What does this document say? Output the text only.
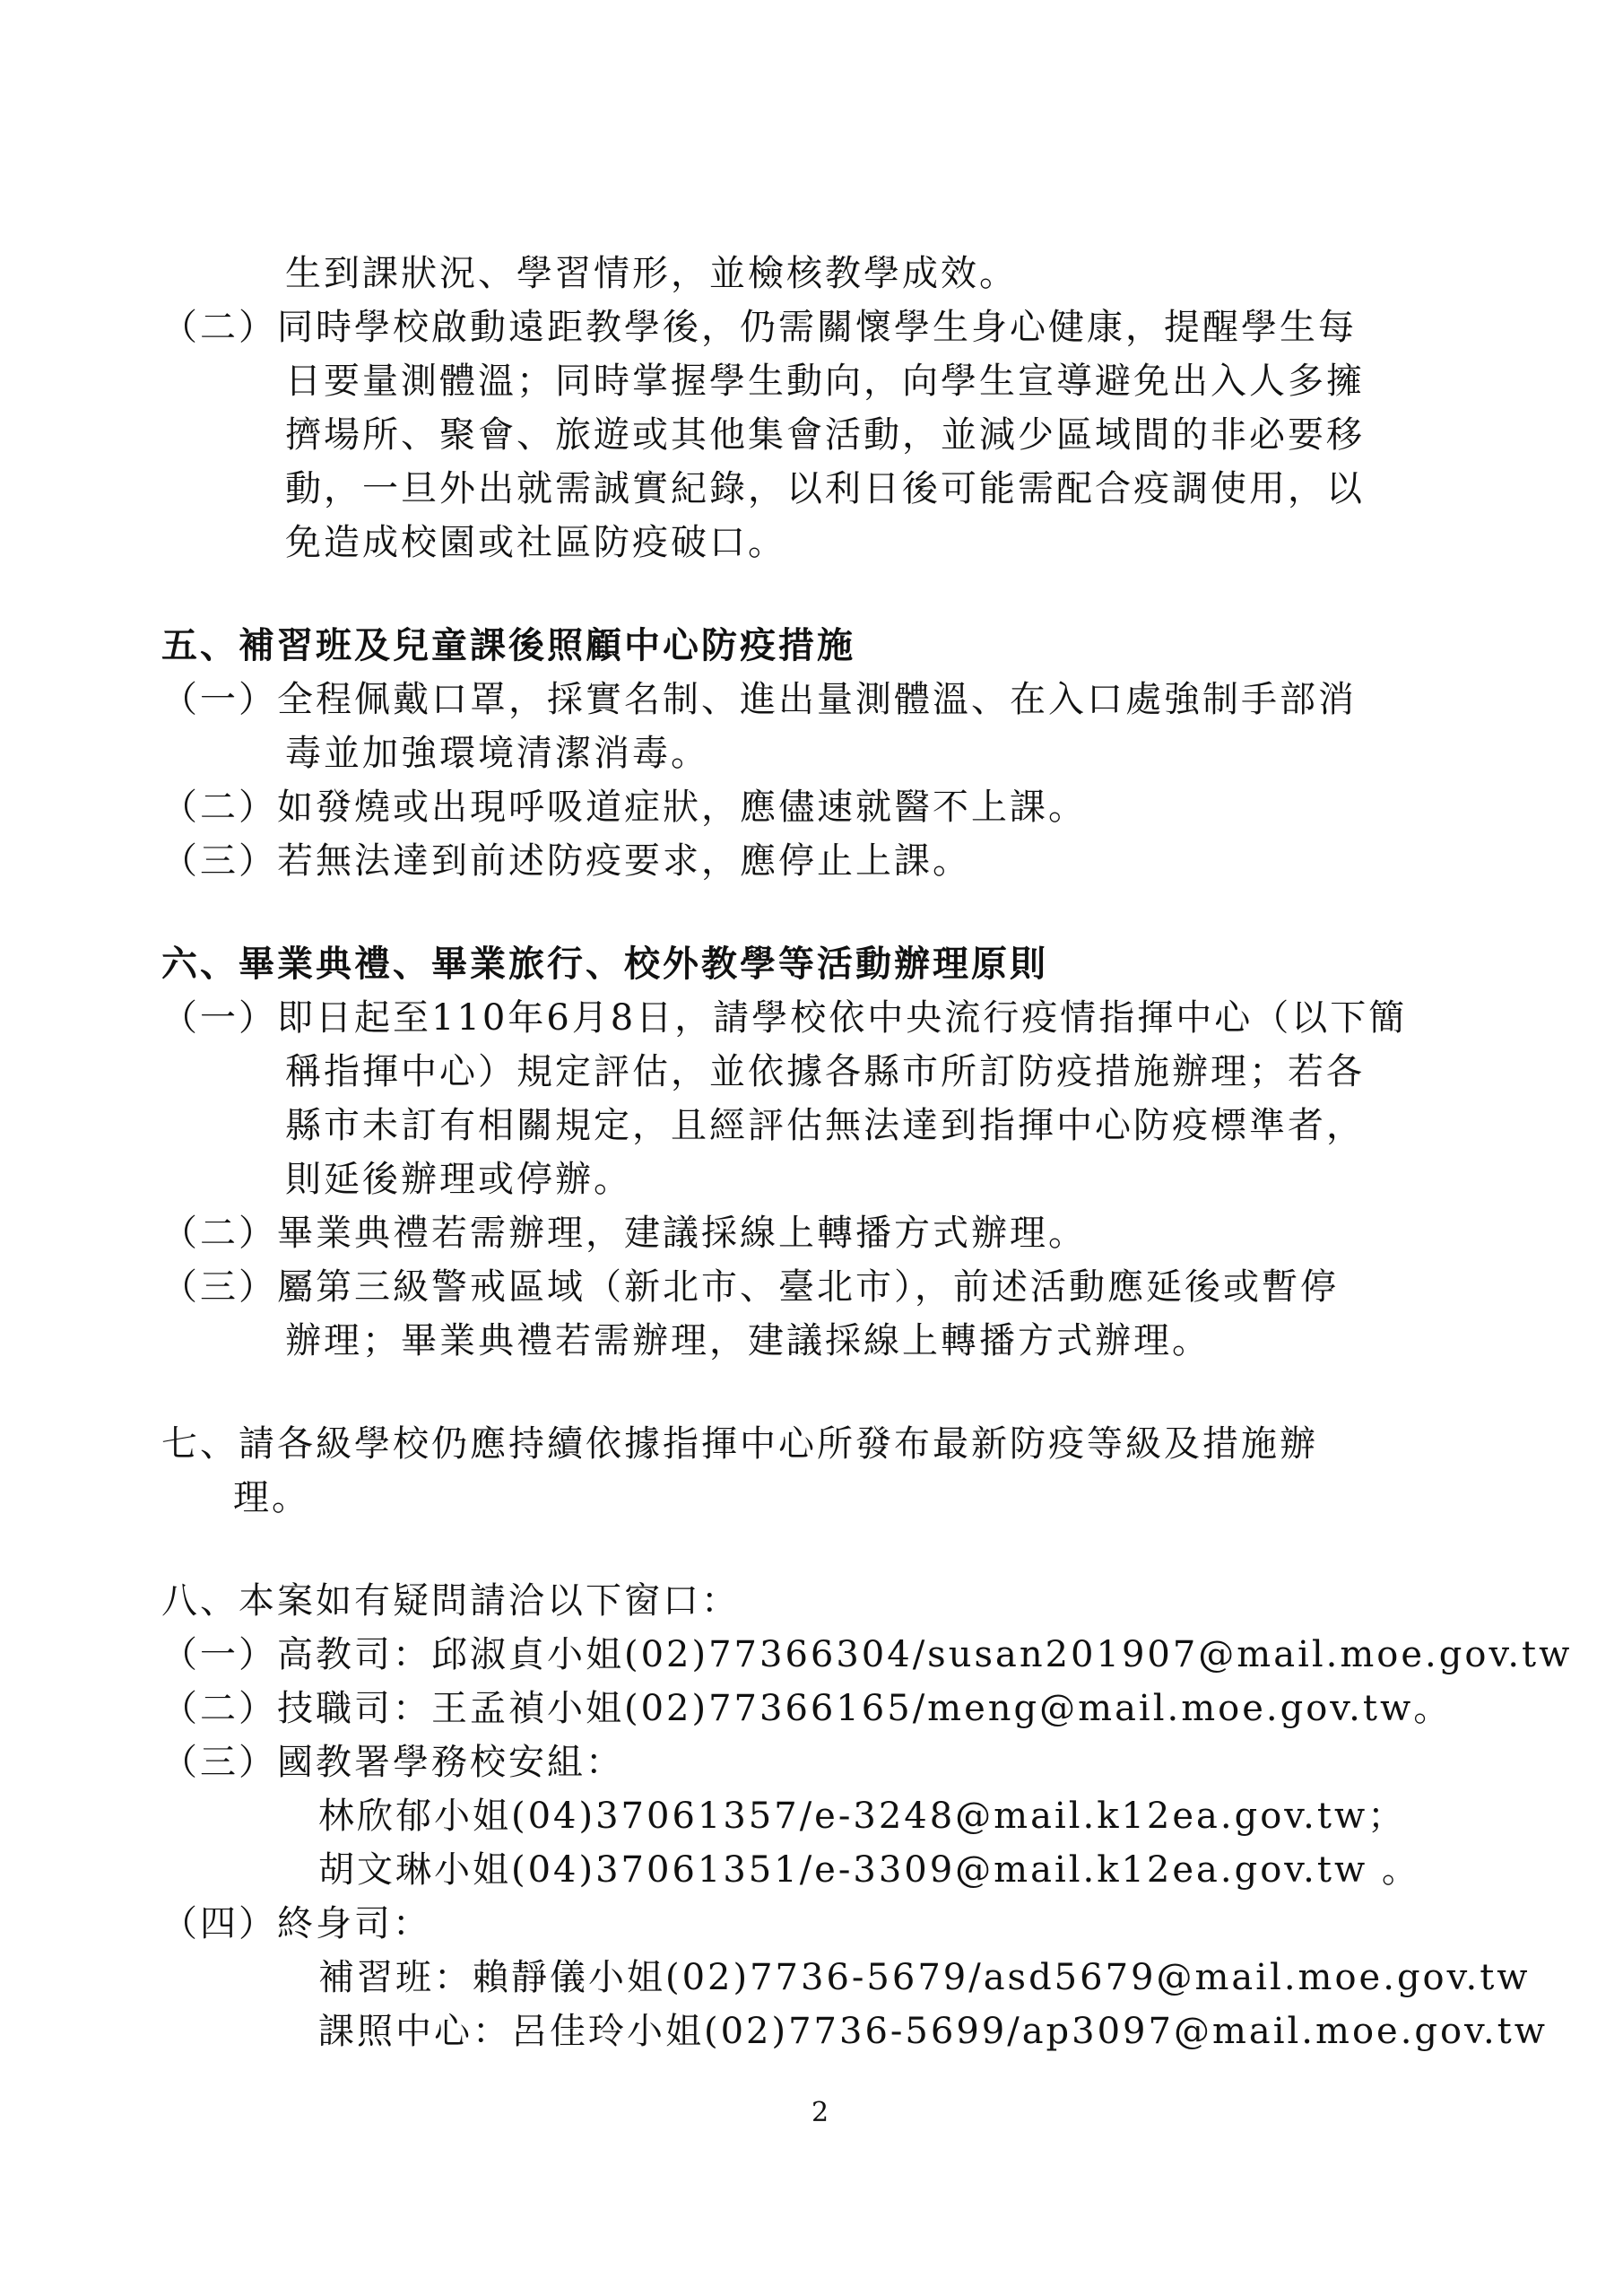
生到課狀況、學習情形，並檢核教學成效。
（二）同時學校啟動遠距教學後，仍需關懷學生身心健康，提醒學生每
日要量測體溫；同時掌握學生動向，向學生宣導避免出入人多擁
擠場所、聚會、旅遊或其他集會活動，並減少區域間的非必要移
動，一旦外出就需誠實紀錄，以利日後可能需配合疫調使用，以
免造成校園或社區防疫破口。
五、補習班及兒童課後照顧中心防疫措施
（一）全程佩戴口罩，採實名制、進出量測體溫、在入口處強制手部消
毒並加強環境清潔消毒。
（二）如發燒或出現呼吸道症狀，應儘速就醫不上課。
（三）若無法達到前述防疫要求，應停止上課。
六、畢業典禮、畢業旅行、校外教學等活動辦理原則
（一）即日起至110年6月8日，請學校依中央流行疫情指揮中心（以下簡
稱指揮中心）規定評估，並依據各縣市所訂防疫措施辦理；若各
縣市未訂有相關規定，且經評估無法達到指揮中心防疫標準者，
則延後辦理或停辦。
（二）畢業典禮若需辦理，建議採線上轉播方式辦理。
（三）屬第三級警戒區域（新北市、臺北市），前述活動應延後或暫停
辦理；畢業典禮若需辦理，建議採線上轉播方式辦理。
七、請各級學校仍應持續依據指揮中心所發布最新防疫等級及措施辦
理。
八、本案如有疑問請洽以下窗口：
（一）高教司：邱淑貞小姐(02)77366304/susan201907@mail.moe.gov.tw
（二）技職司：王孟禎小姐(02)77366165/meng@mail.moe.gov.tw。
（三）國教署學務校安組：
林欣郁小姐(04)37061357/e-3248@mail.k12ea.gov.tw；
胡文琳小姐(04)37061351/e-3309@mail.k12ea.gov.tw 。
（四）終身司：
補習班：賴靜儀小姐(02)7736-5679/asd5679@mail.moe.gov.tw
課照中心：呂佳玲小姐(02)7736-5699/ap3097@mail.moe.gov.tw
2
